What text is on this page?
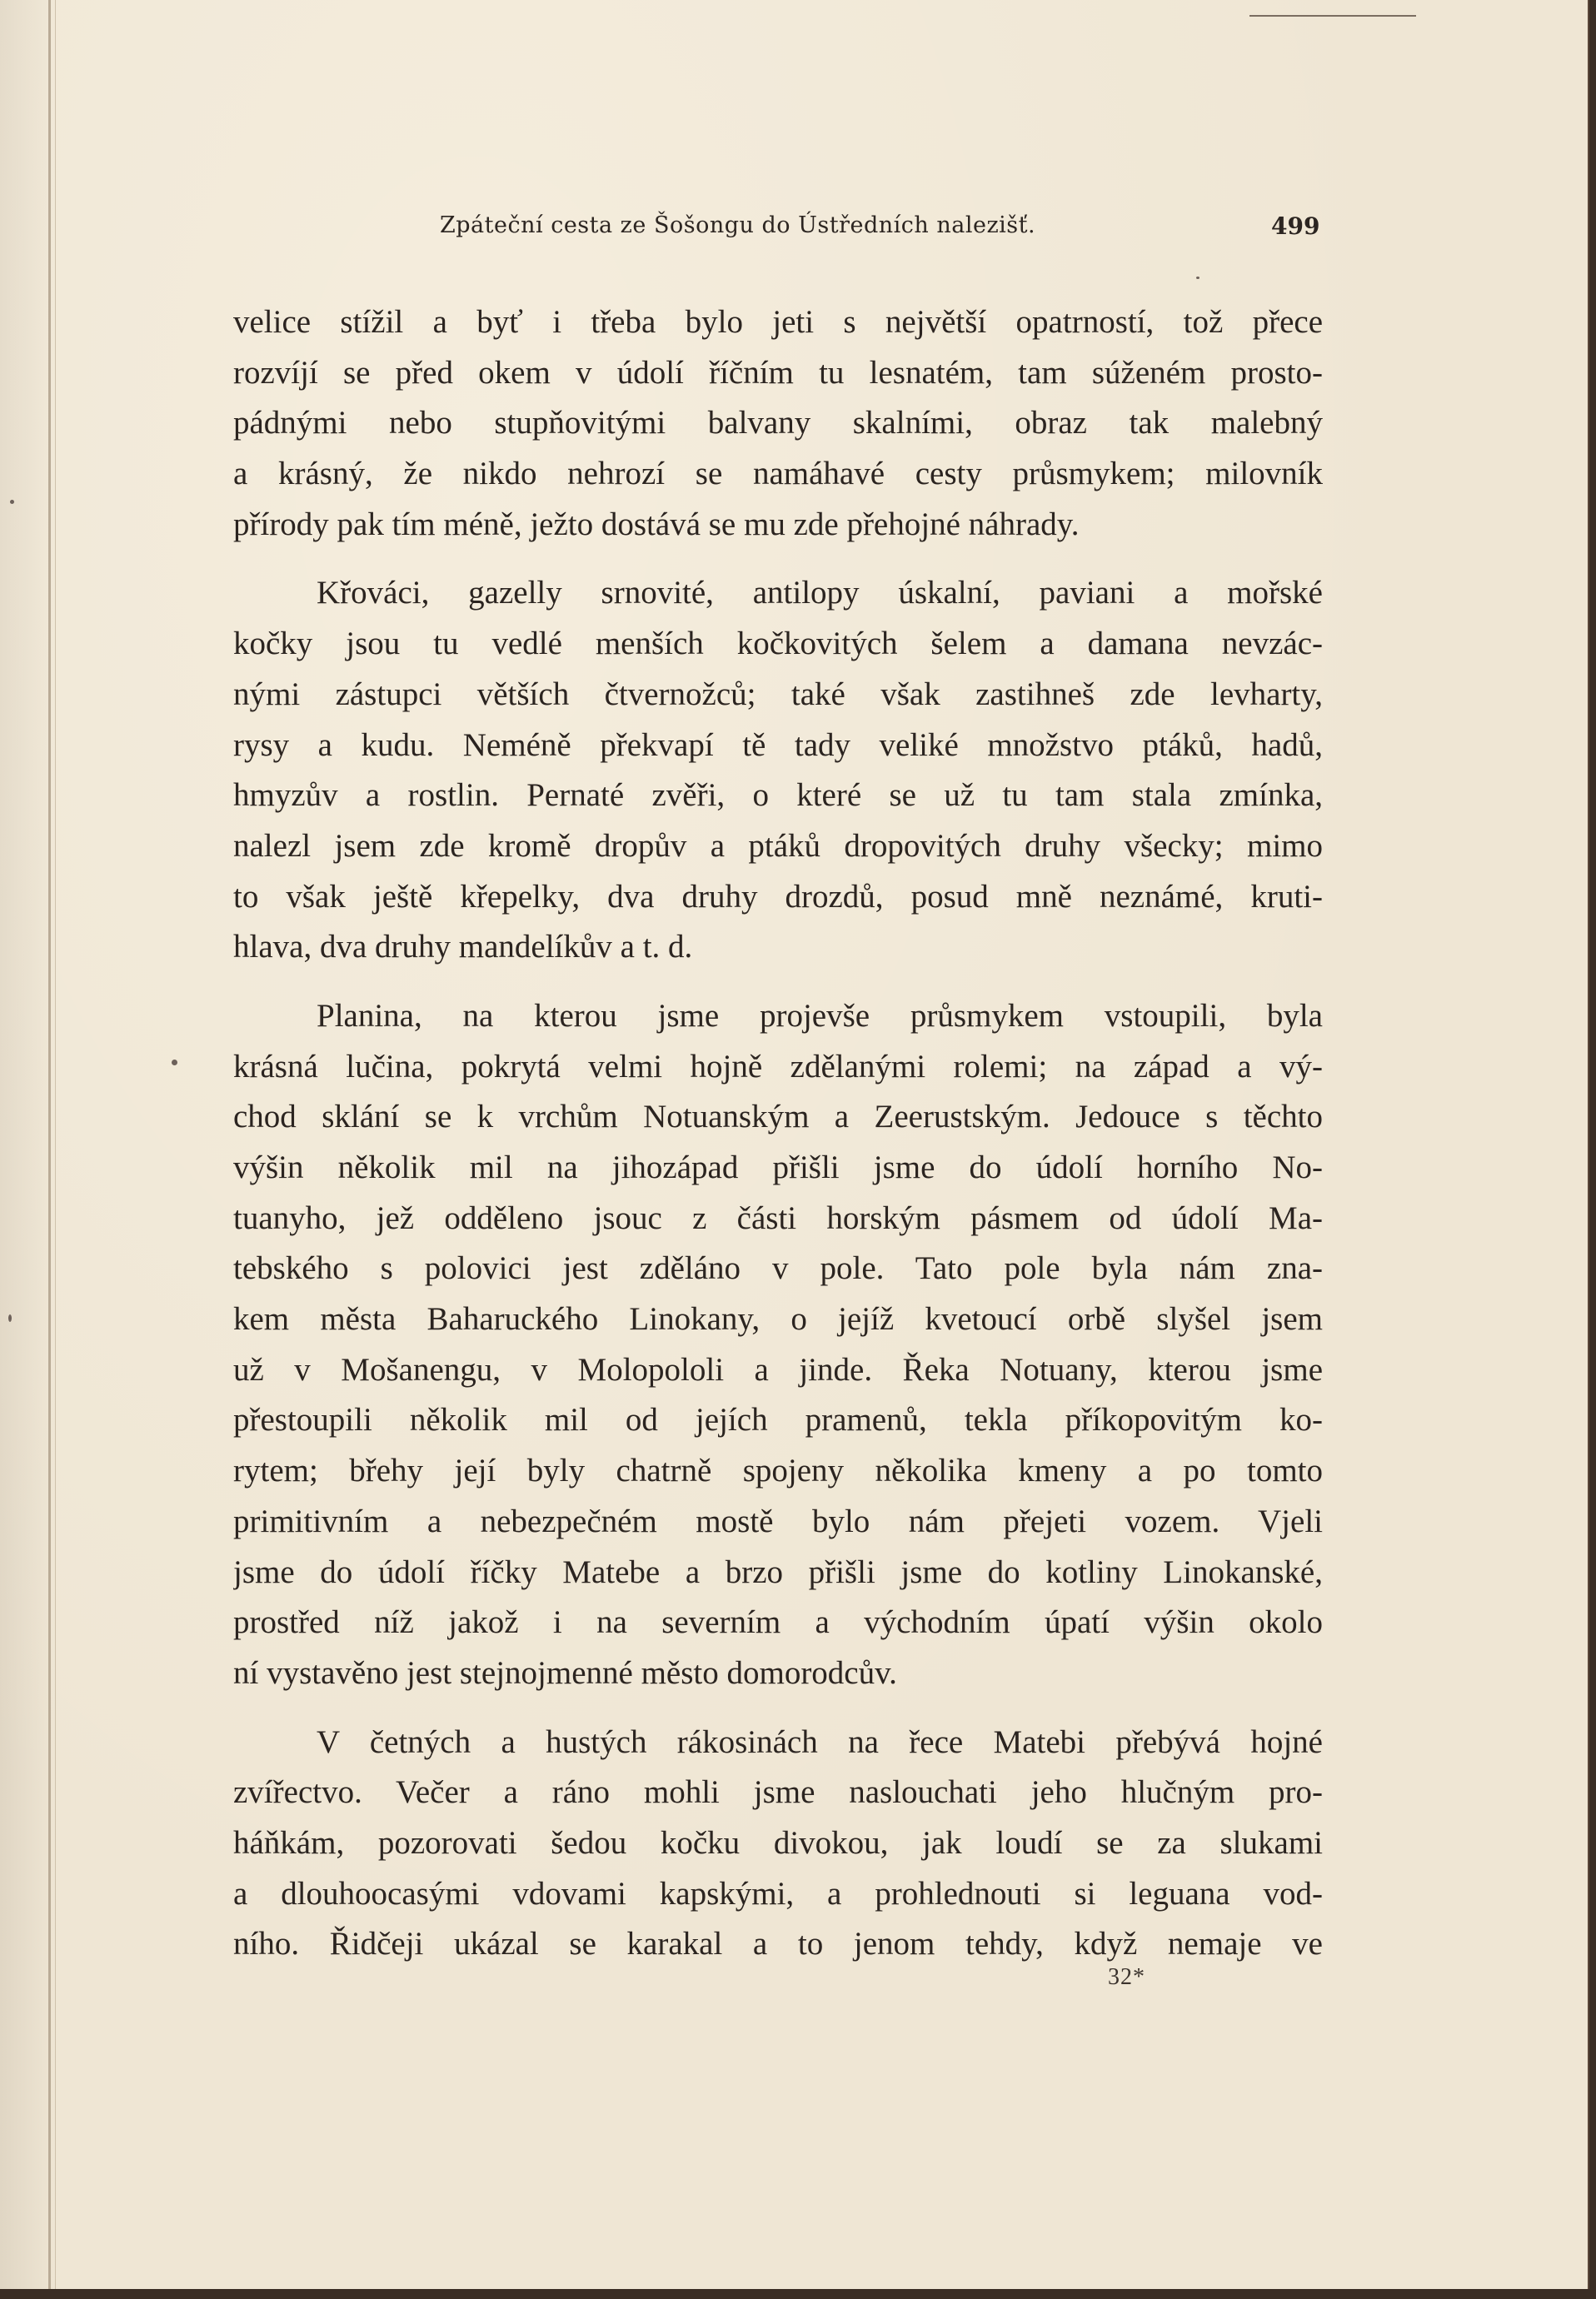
Zpáteční cesta ze Šošongu do Ústředních nalezišť.	499
velice stížil a byť i třeba bylo jeti s největší opatrností, tož přece
rozvíjí se před okem v údolí říčním tu lesnatém, tam súženém prosto-
pádnými nebo stupňovitými balvany skalními, obraz tak malebný
a krásný, že nikdo nehrozí se namáhavé cesty průsmykem; milovník
přírody pak tím méně, ježto dostává se mu zde přehojné náhrady.
Křováci, gazelly srnovité, antilopy úskalní, paviani a mořské
kočky jsou tu vedlé menších kočkovitých šelem a damana nevzác-
nými zástupci větších čtvernožců; také však zastihneš zde levharty,
rysy a kudu. Neméně překvapí tě tady veliké množstvo ptáků, hadů,
hmyzův a rostlin. Pernaté zvěři, o které se už tu tam stala zmínka,
nalezl jsem zde kromě dropův a ptáků dropovitých druhy všecky; mimo
to však ještě křepelky, dva druhy drozdů, posud mně neznámé, kruti-
hlava, dva druhy mandelíkův a t. d.
Planina, na kterou jsme projevše průsmykem vstoupili, byla
krásná lučina, pokrytá velmi hojně zdělanými rolemi; na západ a vý-
chod sklání se k vrchům Notuanským a Zeerustským. Jedouce s těchto
výšin několik mil na jihozápad přišli jsme do údolí horního No-
tuanyho, jež odděleno jsouc z části horským pásmem od údolí Ma-
tebského s polovici jest zděláno v pole. Tato pole byla nám zna-
kem města Baharuckého Linokany, o jejíž kvetoucí orbě slyšel jsem
už v Mošanengu, v Molopololi a jinde. Řeka Notuany, kterou jsme
přestoupili několik mil od jejích pramenů, tekla příkopovitým ko-
rytem; břehy její byly chatrně spojeny několika kmeny a po tomto
primitivním a nebezpečném mostě bylo nám přejeti vozem. Vjeli
jsme do údolí říčky Matebe a brzo přišli jsme do kotliny Linokanské,
prostřed níž jakož i na severním a východním úpatí výšin okolo
ní vystavěno jest stejnojmenné město domorodcův.
V četných a hustých rákosinách na řece Matebi přebývá hojné
zvířectvo. Večer a ráno mohli jsme naslouchati jeho hlučným pro-
háňkám, pozorovati šedou kočku divokou, jak loudí se za slukami
a dlouhoocasými vdovami kapskými, a prohlednouti si leguana vod-
ního. Řidčeji ukázal se karakal a to jenom tehdy, když nemaje ve
32*
